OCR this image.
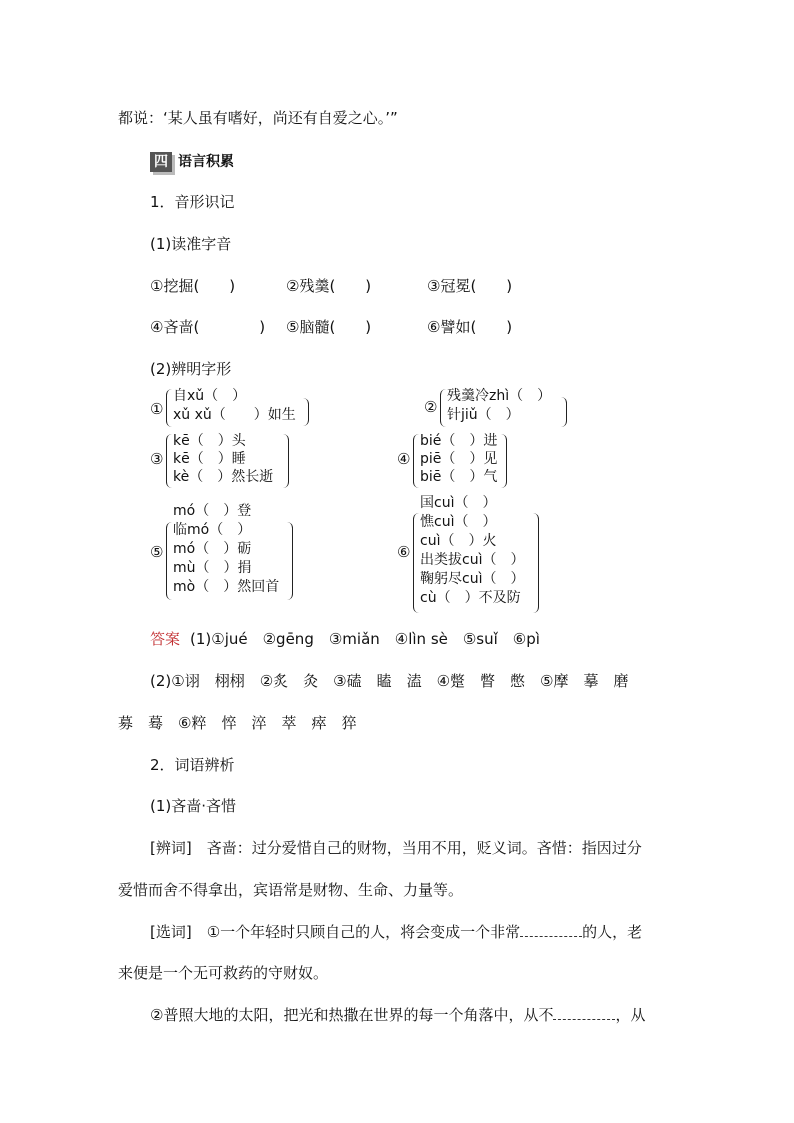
都说：‘某人虽有嗜好，尚还有自爱之心。’”
四 语言积累
1．音形识记
(1)读准字音
①挖掘(　　)	②残羹(　　)	③冠冕(　　)
④吝啬(　　　　) ⑤脑髓(　　)	⑥譬如(　　)
(2)辨明字形
①
自xǔ（　）
xǔ xǔ（　　）如生	②
残羹冷zhì（　）
针jiǔ（　）
③
kē（　）头
kē（　）睡
kè（　）然长逝
④
bié（　）进
piē（　）见
biē（　）气
mó（　）登
⑤
临mó（　）
mó（　）砺
mù（　）捐
mò（　）然回首
国cuì（　）
⑥
憔cuì（　）
cuì（　）火
出类拔cuì（　）
鞠躬尽cuì（　）
cù（　）不及防
答案 (1)①jué　②gēng　③miǎn　④lìn sè　⑤suǐ　⑥pì
(2)①诩　栩栩　②炙　灸　③磕　瞌　溘　④蹩　瞥　憋　⑤摩　摹　磨
募　蓦　⑥粹　悴　淬　萃　瘁　猝
2．词语辨析
(1)吝啬·吝惜
[辨词]　吝啬：过分爱惜自己的财物，当用不用，贬义词。吝惜：指因过分
爱惜而舍不得拿出，宾语常是财物、生命、力量等。
[选词]　①一个年轻时只顾自己的人，将会变成一个非常	的人，老
来便是一个无可救药的守财奴。
②普照大地的太阳，把光和热撒在世界的每一个角落中，从不	，从
